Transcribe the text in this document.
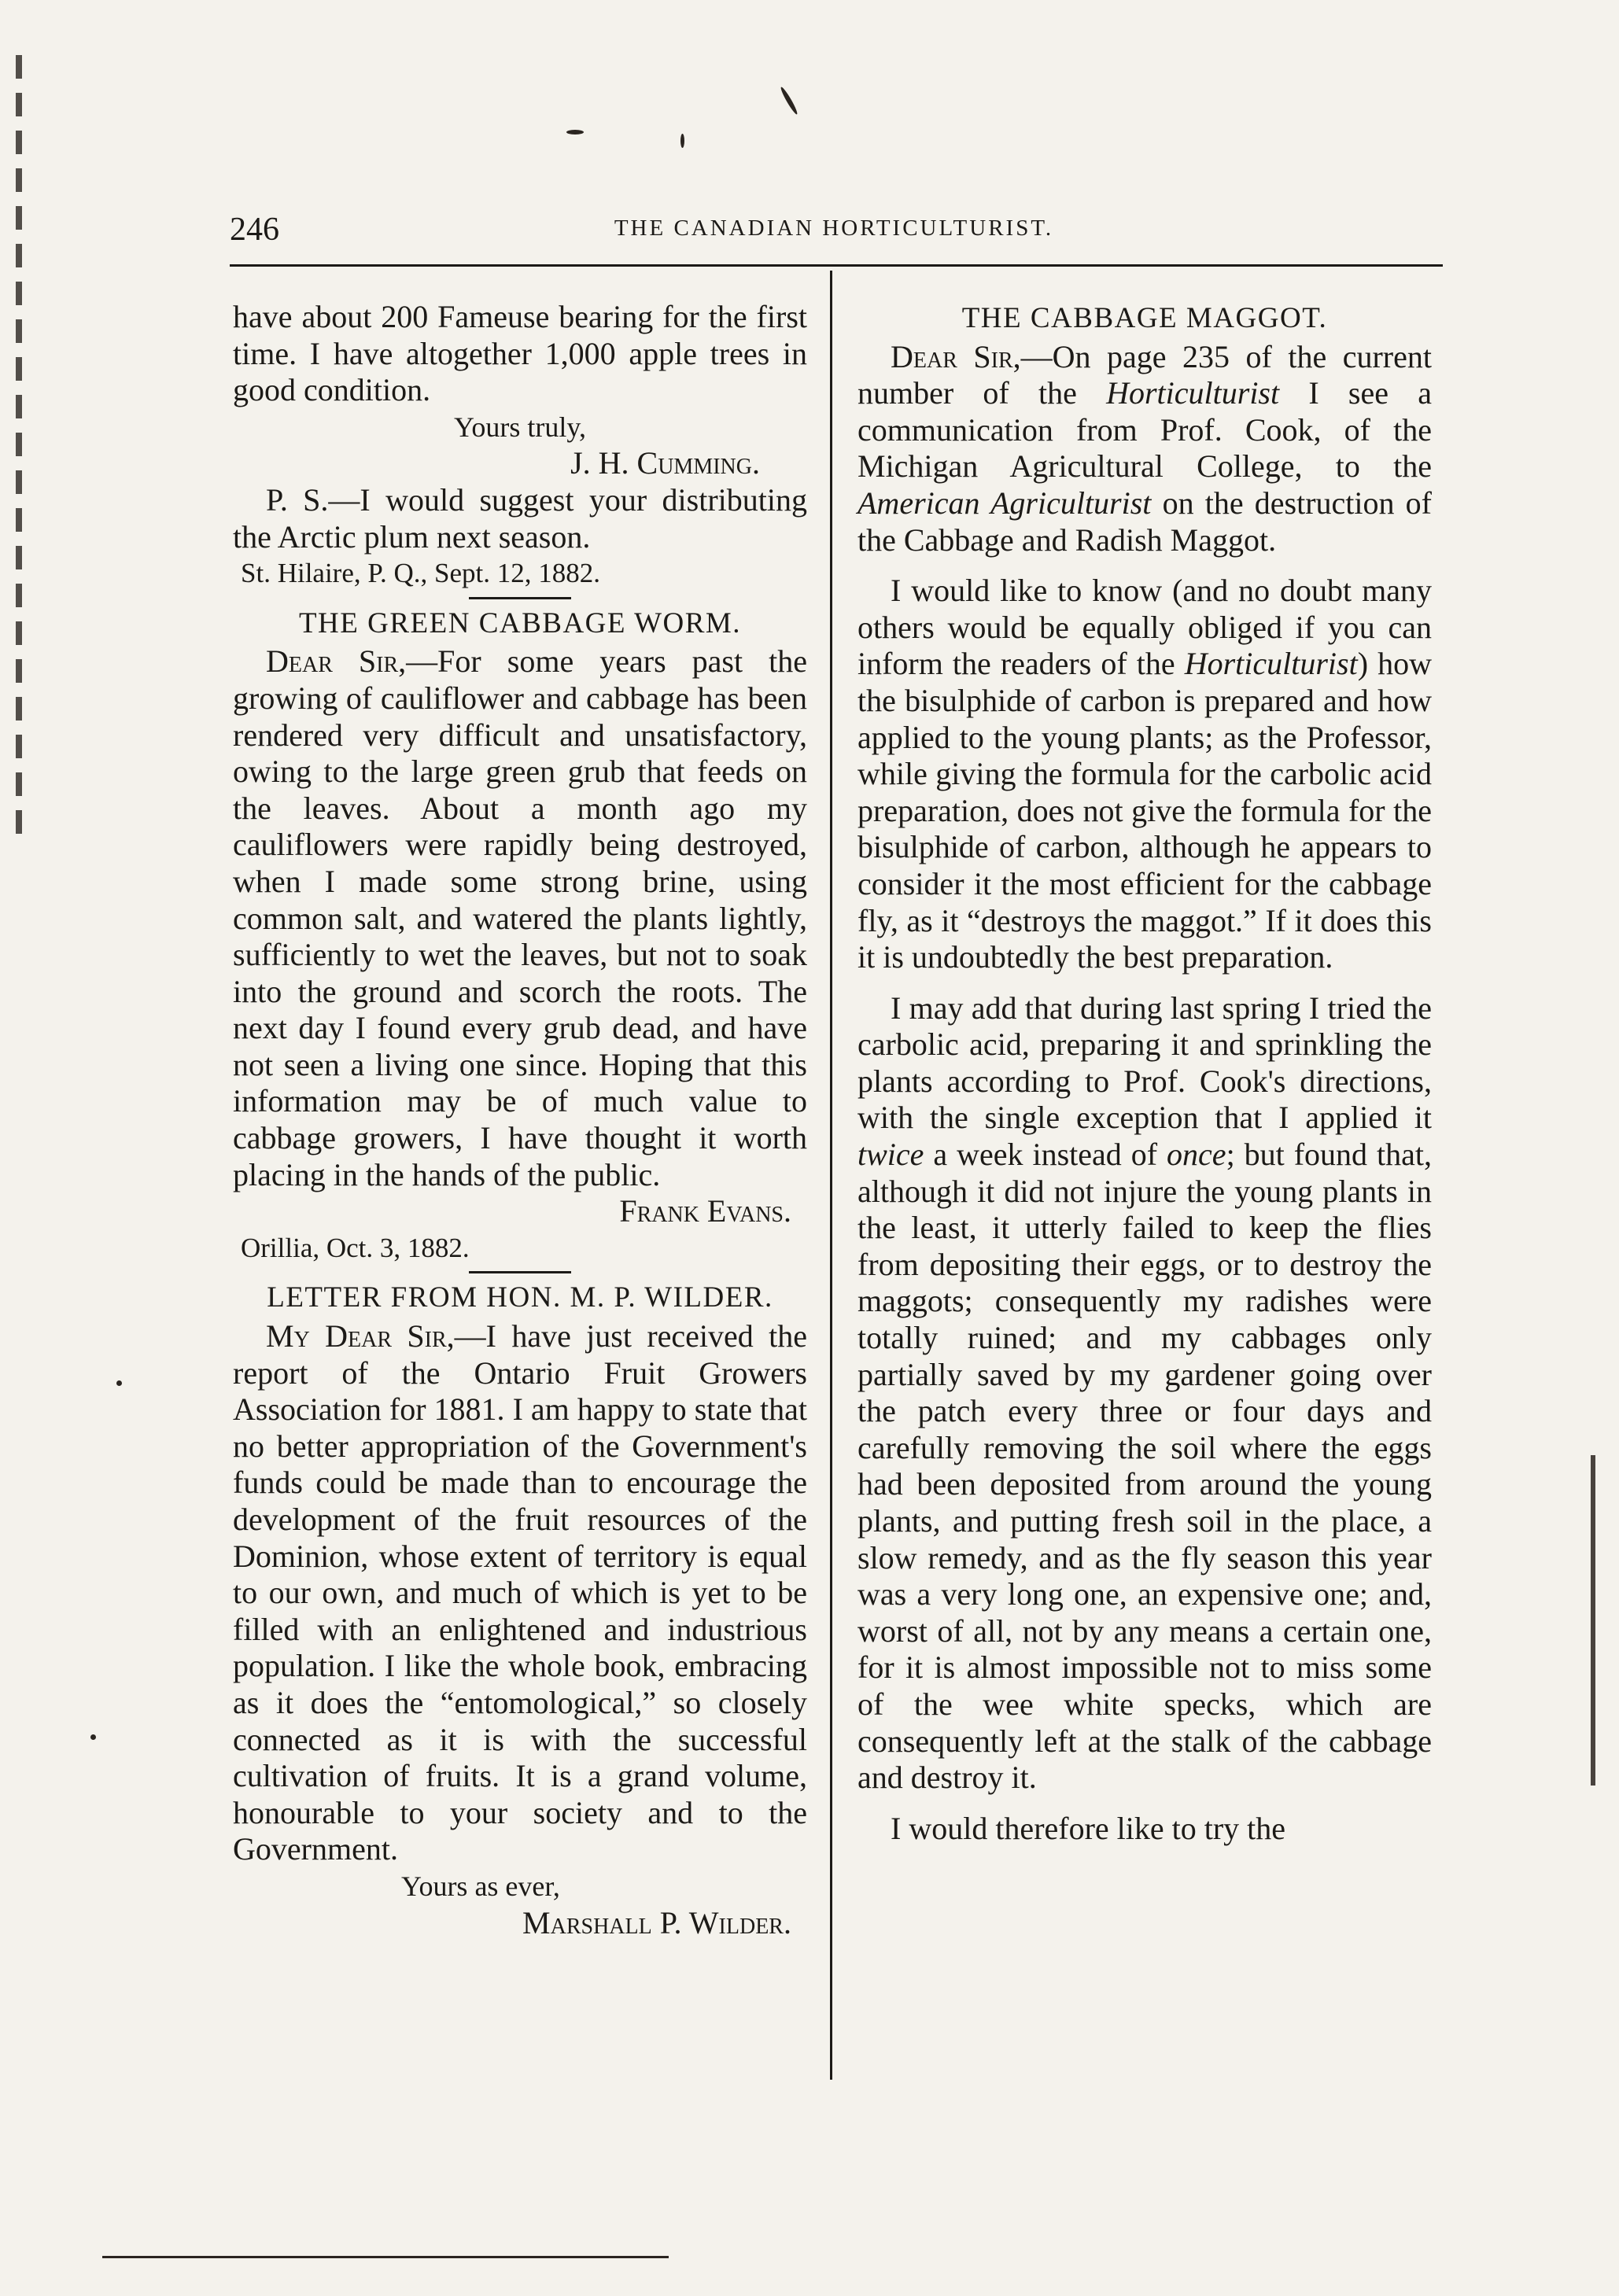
246	THE CANADIAN HORTICULTURIST.

have about 200 Fameuse bearing for the first time. I have altogether 1,000 apple trees in good condition.

Yours truly,

J. H. Cumming.

P. S.—I would suggest your distributing the Arctic plum next season.

St. Hilaire, P. Q., Sept. 12, 1882.

THE GREEN CABBAGE WORM.

Dear Sir,—For some years past the growing of cauliflower and cabbage has been rendered very difficult and unsatisfactory, owing to the large green grub that feeds on the leaves. About a month ago my cauliflowers were rapidly being destroyed, when I made some strong brine, using common salt, and watered the plants lightly, sufficiently to wet the leaves, but not to soak into the ground and scorch the roots. The next day I found every grub dead, and have not seen a living one since. Hoping that this information may be of much value to cabbage growers, I have thought it worth placing in the hands of the public.

Frank Evans.

Orillia, Oct. 3, 1882.

LETTER FROM HON. M. P. WILDER.

My Dear Sir,—I have just received the report of the Ontario Fruit Growers Association for 1881. I am happy to state that no better appropriation of the Government's funds could be made than to encourage the development of the fruit resources of the Dominion, whose extent of territory is equal to our own, and much of which is yet to be filled with an enlightened and industrious population. I like the whole book, embracing as it does the “entomological,” so closely connected as it is with the successful cultivation of fruits. It is a grand volume, honourable to your society and to the Government.

Yours as ever,

Marshall P. Wilder.

THE CABBAGE MAGGOT.

Dear Sir,—On page 235 of the current number of the Horticulturist I see a communication from Prof. Cook, of the Michigan Agricultural College, to the American Agriculturist on the destruction of the Cabbage and Radish Maggot.

I would like to know (and no doubt many others would be equally obliged if you can inform the readers of the Horticulturist) how the bisulphide of carbon is prepared and how applied to the young plants; as the Professor, while giving the formula for the carbolic acid preparation, does not give the formula for the bisulphide of carbon, although he appears to consider it the most efficient for the cabbage fly, as it “destroys the maggot.” If it does this it is undoubtedly the best preparation.

I may add that during last spring I tried the carbolic acid, preparing it and sprinkling the plants according to Prof. Cook's directions, with the single exception that I applied it twice a week instead of once; but found that, although it did not injure the young plants in the least, it utterly failed to keep the flies from depositing their eggs, or to destroy the maggots; consequently my radishes were totally ruined; and my cabbages only partially saved by my gardener going over the patch every three or four days and carefully removing the soil where the eggs had been deposited from around the young plants, and putting fresh soil in the place, a slow remedy, and as the fly season this year was a very long one, an expensive one; and, worst of all, not by any means a certain one, for it is almost impossible not to miss some of the wee white specks, which are consequently left at the stalk of the cabbage and destroy it.

I would therefore like to try the
